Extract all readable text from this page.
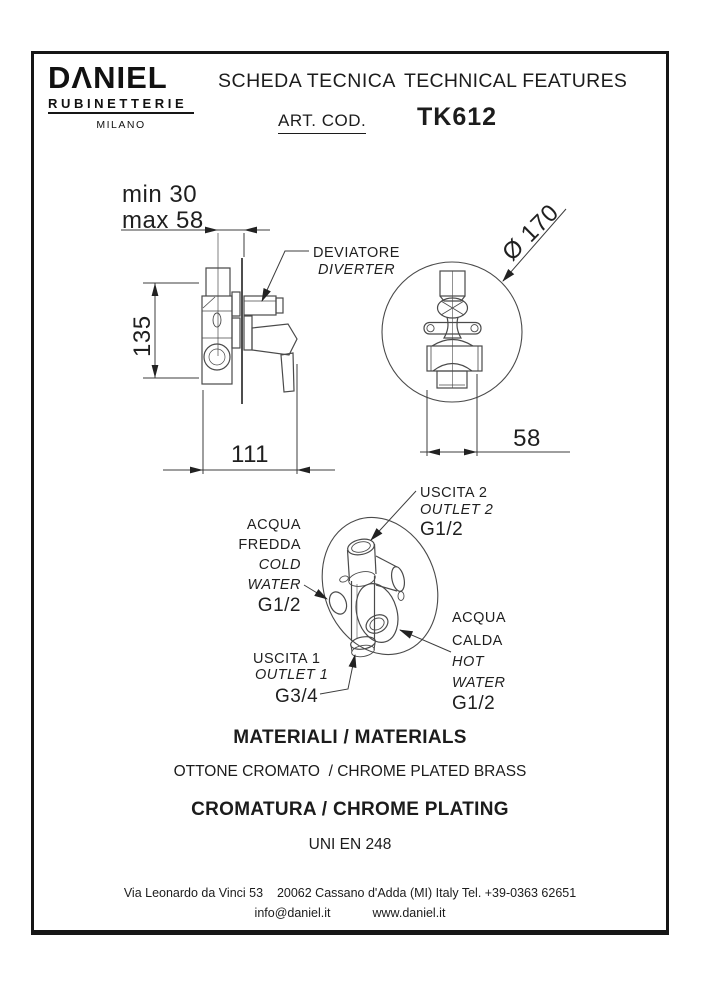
DΛNIEL
RUBINETTERIE
MILANO
SCHEDA TECNICA TECHNICAL FEATURES
ART. COD. TK612
min 30
max 58
135
111
DEVIATORE
DIVERTER
Ø 170
58
USCITA 2
OUTLET 2
G1/2
ACQUA
FREDDA
COLD
WATER
G1/2
USCITA 1
OUTLET 1
G3/4
ACQUA
CALDA
HOT
WATER
G1/2
MATERIALI / MATERIALS
OTTONE CROMATO  / CHROME PLATED BRASS
CROMATURA / CHROME PLATING
UNI EN 248
Via Leonardo da Vinci 53    20062 Cassano d'Adda (MI) Italy Tel. +39-0363 62651
info@daniel.it	www.daniel.it
